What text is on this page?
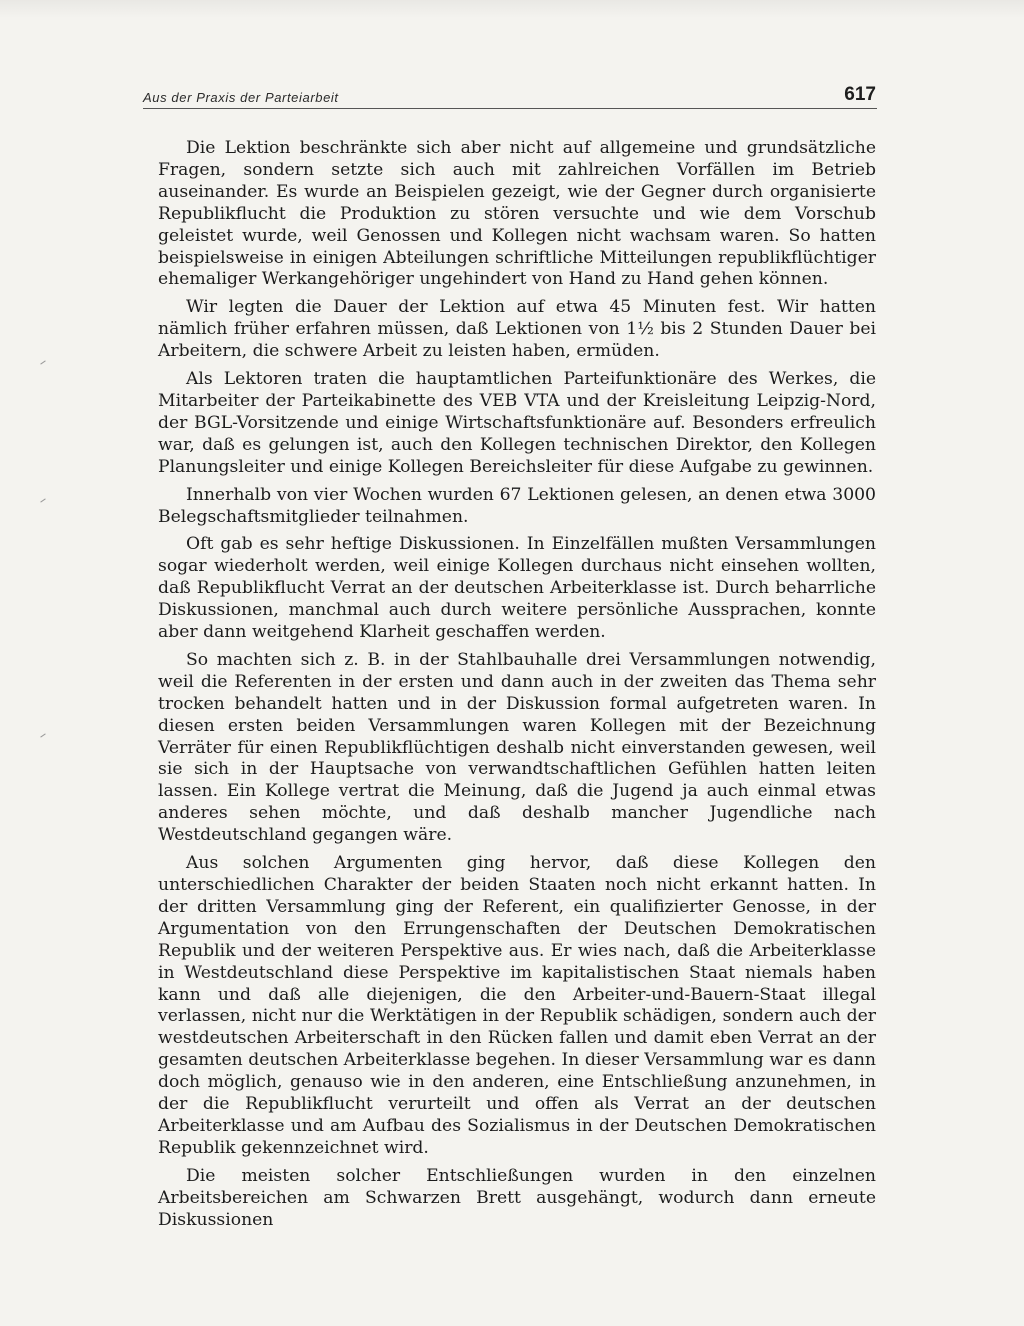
Aus der Praxis der Parteiarbeit	617

Die Lektion beschränkte sich aber nicht auf allgemeine und grundsätzliche Fragen, sondern setzte sich auch mit zahlreichen Vorfällen im Betrieb auseinander. Es wurde an Beispielen gezeigt, wie der Gegner durch organisierte Republikflucht die Produktion zu stören versuchte und wie dem Vorschub geleistet wurde, weil Genossen und Kollegen nicht wachsam waren. So hatten beispielsweise in einigen Abteilungen schriftliche Mitteilungen republikflüchtiger ehemaliger Werkangehöriger ungehindert von Hand zu Hand gehen können.

Wir legten die Dauer der Lektion auf etwa 45 Minuten fest. Wir hatten nämlich früher erfahren müssen, daß Lektionen von 1½ bis 2 Stunden Dauer bei Arbeitern, die schwere Arbeit zu leisten haben, ermüden.

Als Lektoren traten die hauptamtlichen Parteifunktionäre des Werkes, die Mitarbeiter der Parteikabinette des VEB VTA und der Kreisleitung Leipzig-Nord, der BGL-Vorsitzende und einige Wirtschaftsfunktionäre auf. Besonders erfreulich war, daß es gelungen ist, auch den Kollegen technischen Direktor, den Kollegen Planungsleiter und einige Kollegen Bereichsleiter für diese Aufgabe zu gewinnen.

Innerhalb von vier Wochen wurden 67 Lektionen gelesen, an denen etwa 3000 Belegschaftsmitglieder teilnahmen.

Oft gab es sehr heftige Diskussionen. In Einzelfällen mußten Versammlungen sogar wiederholt werden, weil einige Kollegen durchaus nicht einsehen wollten, daß Republikflucht Verrat an der deutschen Arbeiterklasse ist. Durch beharrliche Diskussionen, manchmal auch durch weitere persönliche Aussprachen, konnte aber dann weitgehend Klarheit geschaffen werden.

So machten sich z. B. in der Stahlbauhalle drei Versammlungen notwendig, weil die Referenten in der ersten und dann auch in der zweiten das Thema sehr trocken behandelt hatten und in der Diskussion formal aufgetreten waren. In diesen ersten beiden Versammlungen waren Kollegen mit der Bezeichnung Verräter für einen Republikflüchtigen deshalb nicht einverstanden gewesen, weil sie sich in der Hauptsache von verwandtschaftlichen Gefühlen hatten leiten lassen. Ein Kollege vertrat die Meinung, daß die Jugend ja auch einmal etwas anderes sehen möchte, und daß deshalb mancher Jugendliche nach Westdeutschland gegangen wäre.

Aus solchen Argumenten ging hervor, daß diese Kollegen den unterschiedlichen Charakter der beiden Staaten noch nicht erkannt hatten. In der dritten Versammlung ging der Referent, ein qualifizierter Genosse, in der Argumentation von den Errungenschaften der Deutschen Demokratischen Republik und der weiteren Perspektive aus. Er wies nach, daß die Arbeiterklasse in Westdeutschland diese Perspektive im kapitalistischen Staat niemals haben kann und daß alle diejenigen, die den Arbeiter-und-Bauern-Staat illegal verlassen, nicht nur die Werktätigen in der Republik schädigen, sondern auch der westdeutschen Arbeiterschaft in den Rücken fallen und damit eben Verrat an der gesamten deutschen Arbeiterklasse begehen. In dieser Versammlung war es dann doch möglich, genauso wie in den anderen, eine Entschließung anzunehmen, in der die Republikflucht verurteilt und offen als Verrat an der deutschen Arbeiterklasse und am Aufbau des Sozialismus in der Deutschen Demokratischen Republik gekennzeichnet wird.

Die meisten solcher Entschließungen wurden in den einzelnen Arbeitsbereichen am Schwarzen Brett ausgehängt, wodurch dann erneute Diskussionen
